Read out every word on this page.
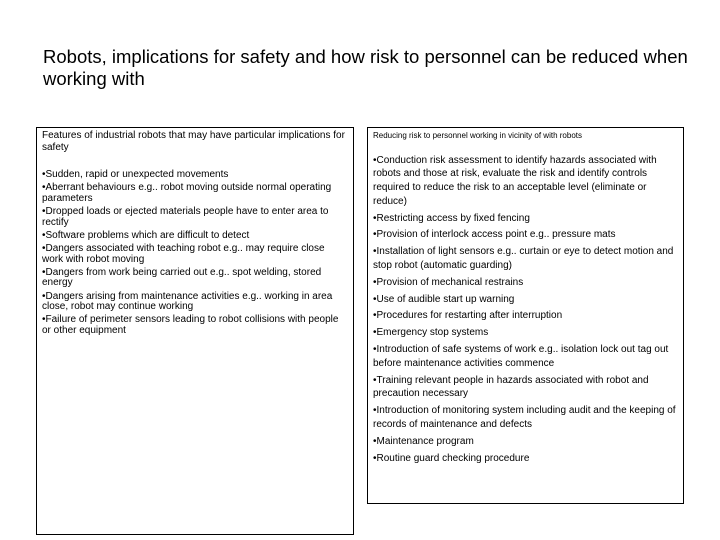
Robots, implications for safety and how risk to personnel can be reduced when working with

Features of industrial robots that may have particular implications for safety

•Sudden, rapid or unexpected movements
•Aberrant behaviours e.g.. robot moving outside normal operating parameters
•Dropped loads or ejected materials people have to enter area to rectify
•Software problems which are difficult to detect
•Dangers associated with teaching robot e.g.. may require close work with robot moving
•Dangers from work being carried out e.g.. spot welding, stored energy
•Dangers arising from maintenance activities e.g.. working in area close, robot may continue working
•Failure of perimeter sensors leading to robot collisions with people or other equipment

Reducing risk to personnel working in vicinity of with robots

•Conduction risk assessment to identify hazards associated with robots and those at risk, evaluate the risk and identify controls required to reduce the risk to an acceptable level (eliminate or reduce)
•Restricting access by fixed fencing
•Provision of interlock access point e.g.. pressure mats
•Installation of light sensors e.g.. curtain or eye to detect motion and stop robot (automatic guarding)
•Provision of mechanical restrains
•Use of audible start up warning
•Procedures for restarting after interruption
•Emergency stop systems
•Introduction of safe systems of work e.g.. isolation lock out tag out before maintenance activities commence
•Training relevant people in hazards associated with robot and precaution necessary
•Introduction of monitoring system including audit and the keeping of records of maintenance and defects
•Maintenance program
•Routine guard checking procedure
